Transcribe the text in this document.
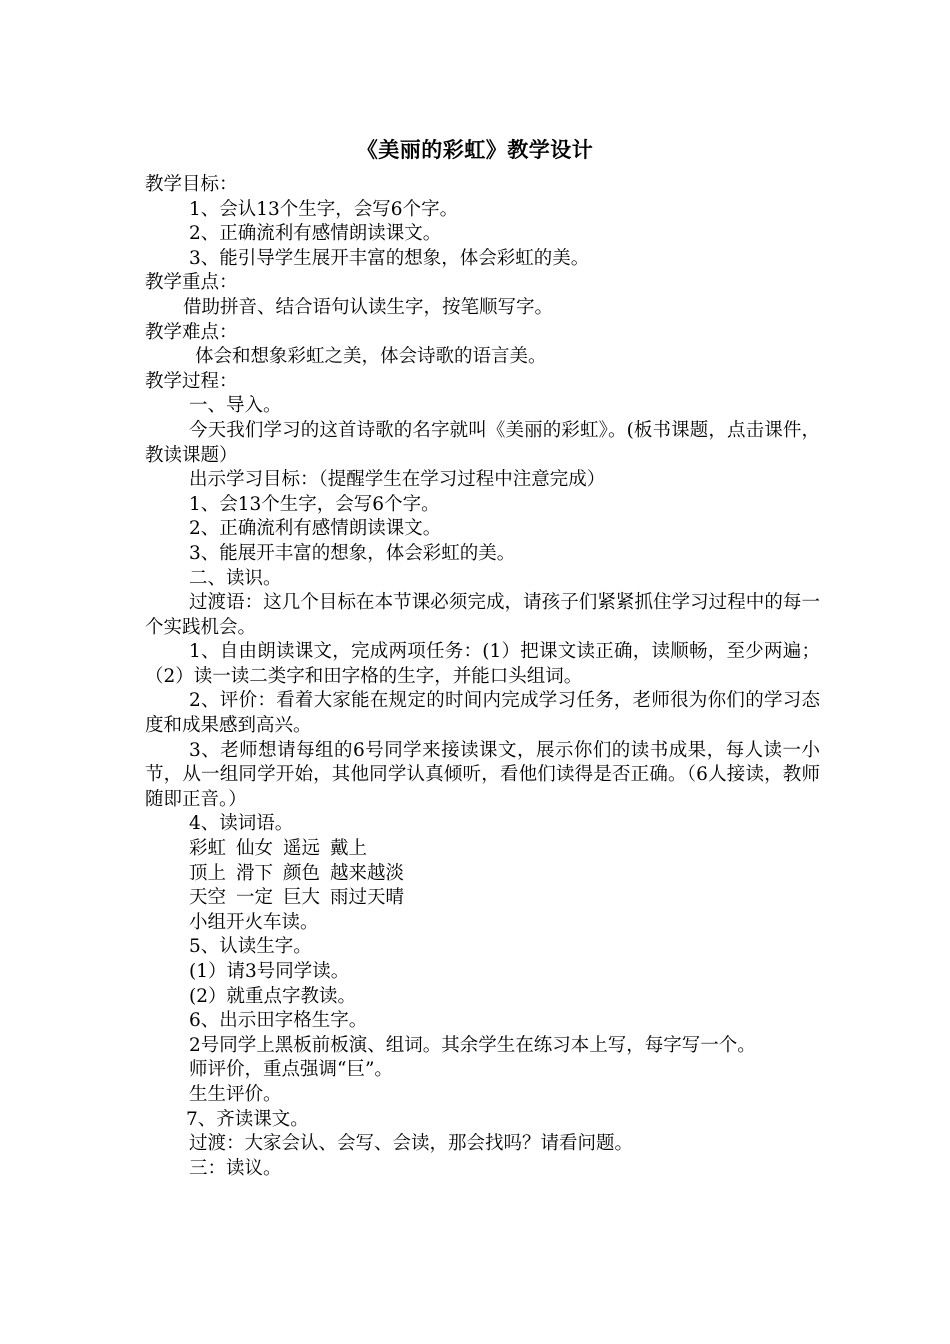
《美丽的彩虹》教学设计
教学目标：
1、会认13个生字，会写6个字。
2、正确流利有感情朗读课文。
3、能引导学生展开丰富的想象，体会彩虹的美。
教学重点：
借助拼音、结合语句认读生字，按笔顺写字。
教学难点：
体会和想象彩虹之美，体会诗歌的语言美。
教学过程：
一、导入。
今天我们学习的这首诗歌的名字就叫《美丽的彩虹》。(板书课题，点击课件，教读课题）
出示学习目标：（提醒学生在学习过程中注意完成）
1、会13个生字，会写6个字。
2、正确流利有感情朗读课文。
3、能展开丰富的想象，体会彩虹的美。
二、读识。
过渡语：这几个目标在本节课必须完成，请孩子们紧紧抓住学习过程中的每一个实践机会。
1、自由朗读课文，完成两项任务：(1）把课文读正确，读顺畅，至少两遍；（2）读一读二类字和田字格的生字，并能口头组词。
2、评价：看着大家能在规定的时间内完成学习任务，老师很为你们的学习态度和成果感到高兴。
3、老师想请每组的6号同学来接读课文，展示你们的读书成果，每人读一小节，从一组同学开始，其他同学认真倾听，看他们读得是否正确。（6人接读，教师随即正音。）
4、读词语。
彩虹 仙女 遥远 戴上
顶上 滑下 颜色 越来越淡
天空 一定 巨大 雨过天晴
小组开火车读。
5、认读生字。
(1）请3号同学读。
(2）就重点字教读。
6、出示田字格生字。
2号同学上黑板前板演、组词。其余学生在练习本上写，每字写一个。
师评价，重点强调“巨”。
生生评价。
7、齐读课文。
过渡：大家会认、会写、会读，那会找吗？请看问题。
三：读议。
